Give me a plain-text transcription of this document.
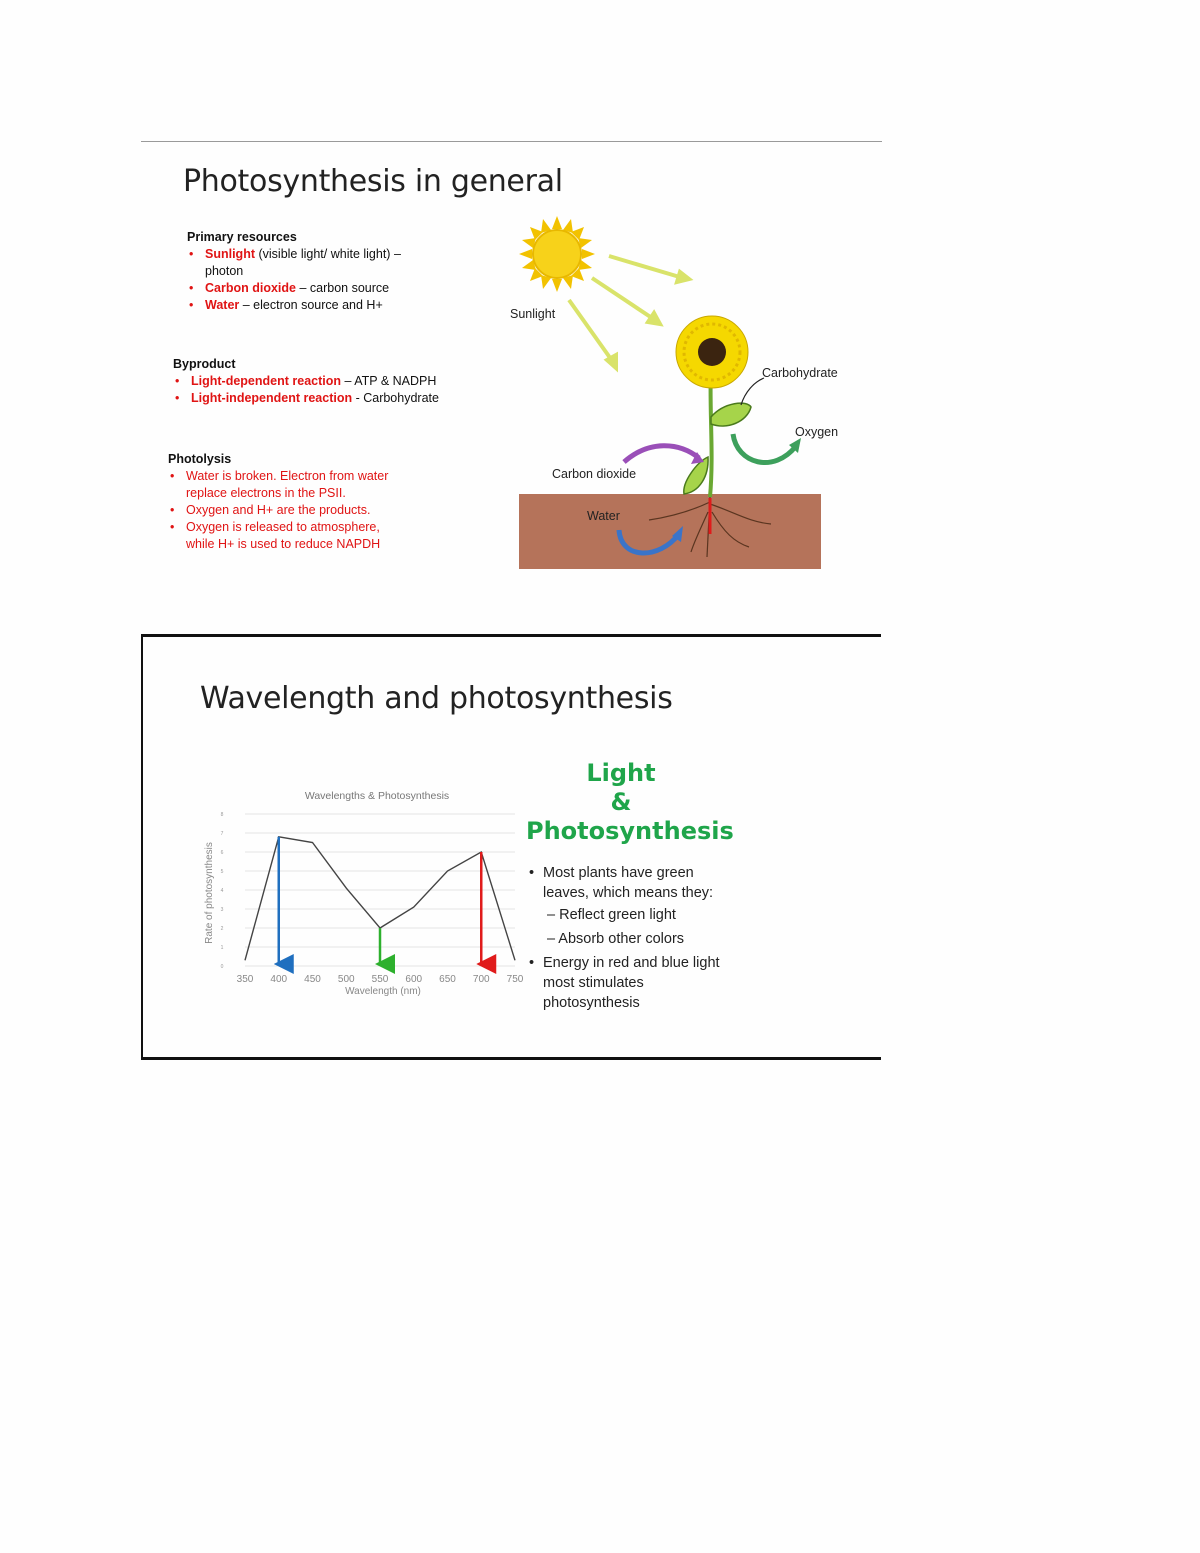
Photosynthesis in general
Primary resources
• Sunlight (visible light/ white light) – photon
• Carbon dioxide – carbon source
• Water – electron source and H+
Byproduct
• Light-dependent reaction – ATP & NADPH
• Light-independent reaction - Carbohydrate
Photolysis
• Water is broken. Electron from water replace electrons in the PSII.
• Oxygen and H+ are the products.
• Oxygen is released to atmosphere, while H+ is used to reduce NAPDH
Sunlight
Carbohydrate
Oxygen
Carbon dioxide
Water
Wavelength and photosynthesis
0
1
2
3
4
5
6
7
8
350 400 450 500 550 600 650 700 750
Wavelengths & Photosynthesis
Wavelength (nm)
Rate of photosynthesis
Light
&
Photosynthesis
• Most plants have green leaves, which means they:
– Reflect green light
– Absorb other colors
• Energy in red and blue light most stimulates photosynthesis
